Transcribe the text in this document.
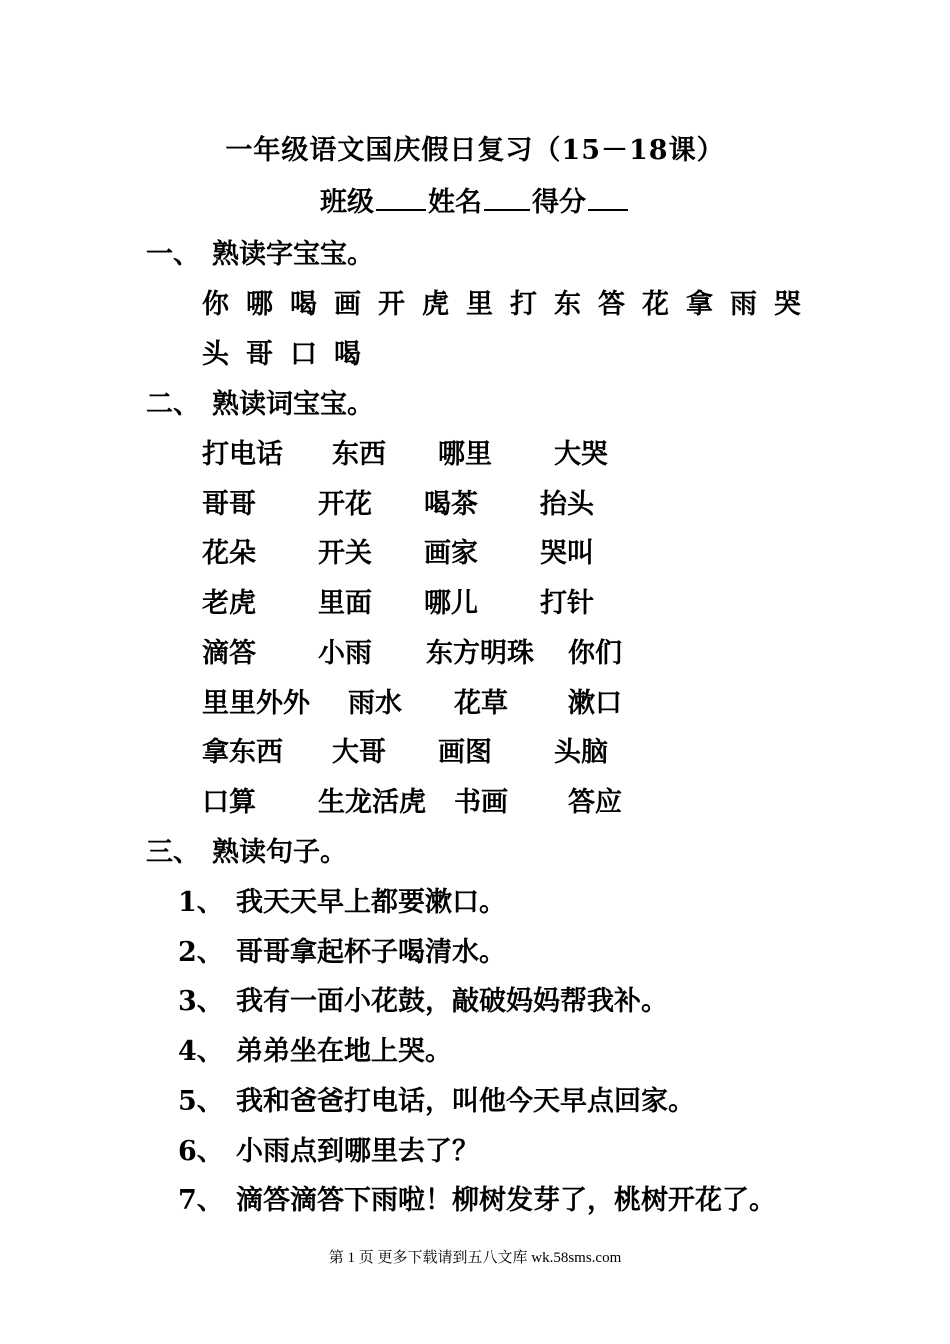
一年级语文国庆假日复习（15－18课）
班级 姓名 得分
一、 熟读字宝宝。
你 哪 喝 画 开 虎 里 打 东 答 花 拿 雨 哭
头 哥 口 喝
二、 熟读词宝宝。
打电话 东西 哪里 大哭
哥哥 开花 喝茶 抬头
花朵 开关 画家 哭叫
老虎 里面 哪儿 打针
滴答 小雨 东方明珠 你们
里里外外 雨水 花草 漱口
拿东西 大哥 画图 头脑
口算 生龙活虎 书画 答应
三、 熟读句子。
1、 我天天早上都要漱口。
2、 哥哥拿起杯子喝清水。
3、 我有一面小花鼓，敲破妈妈帮我补。
4、 弟弟坐在地上哭。
5、 我和爸爸打电话，叫他今天早点回家。
6、 小雨点到哪里去了？
7、 滴答滴答下雨啦！柳树发芽了，桃树开花了。
第 1 页 更多下载请到五八文库 wk.58sms.com
